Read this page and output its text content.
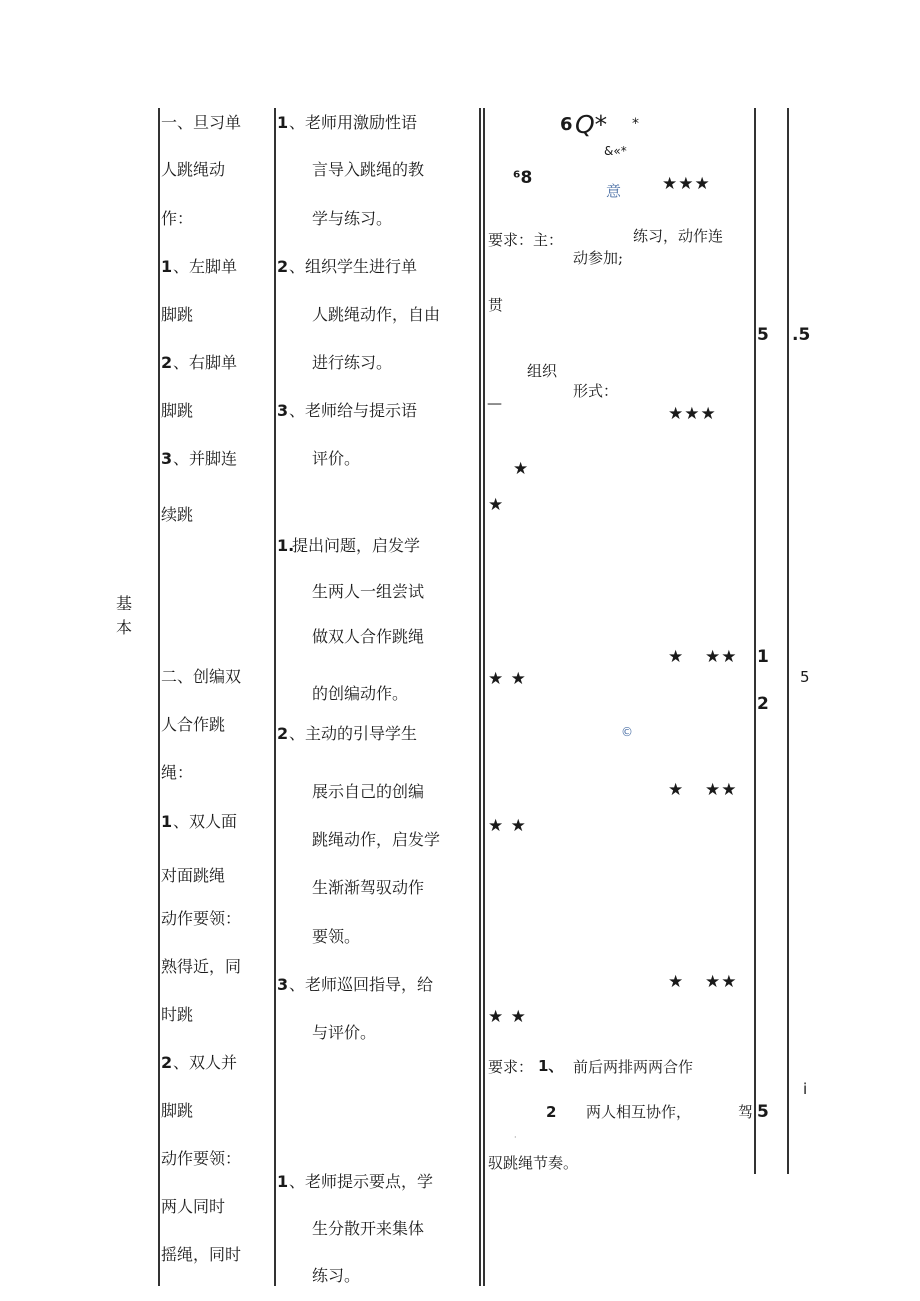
基
本
一、旦习单
人跳绳动
作：
1 、左脚单
脚跳
2 、右脚单
脚跳
3 、并脚连
续跳
二、创编双
人合作跳
绳：
1 、双人面
对面跳绳
动作要领：
熟得近，同
时跳
2 、双人并
脚跳
动作要领：
两人同时
摇绳，同时
1 、老师用激励性语
言导入跳绳的教
学与练习。
2 、组织学生进行单
人跳绳动作，自由
进行练习。
3 、老师给与提示语
评价。
1.
提出问题，启发学
生两人一组尝试
做双人合作跳绳
的创编动作。
2 、主动的引导学生
展示自己的创编
跳绳动作，启发学
生渐渐驾驭动作
要领。
3 、老师巡回指导，给
与评价。
1 、老师提示要点，学
生分散开来集体
练习。
6 Q* *
&«*
⁶8
意 ★★★
要求：主：	练习，动作连
动参加;
贯
组织
—
形式：
★★★
★
★
★ ★★
★ ★
©
★ ★★
★ ★
★ ★★
★ ★
要求： 1、 前后两排两两合作
2 两人相互协作，	驾
·
驭跳绳节奏。
5
1
2
5
.5
5
i
